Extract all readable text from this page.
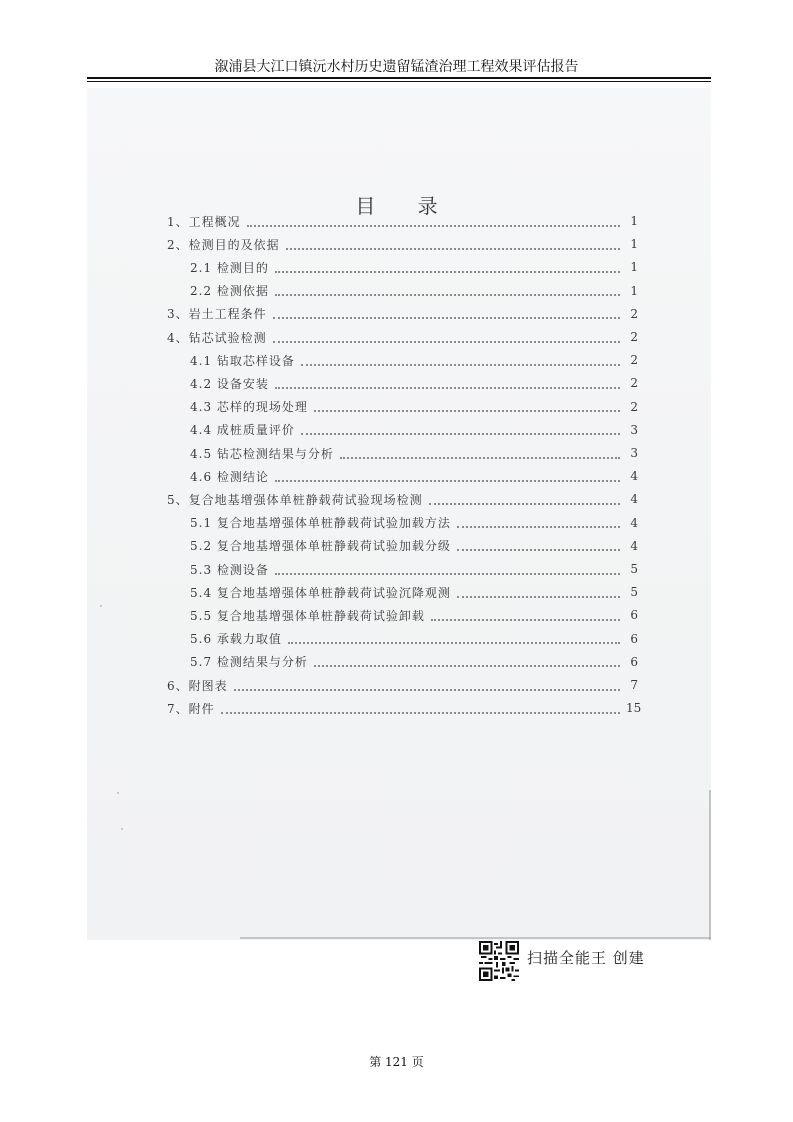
溆浦县大江口镇沅水村历史遗留锰渣治理工程效果评估报告
目 录
1、工程概况	1
2、检测目的及依据	1
2.1 检测目的	1
2.2 检测依据	1
3、岩土工程条件	2
4、钻芯试验检测	2
4.1 钻取芯样设备	2
4.2 设备安装	2
4.3 芯样的现场处理	2
4.4 成桩质量评价	3
4.5 钻芯检测结果与分析	3
4.6 检测结论	4
5、复合地基增强体单桩静载荷试验现场检测	4
5.1 复合地基增强体单桩静载荷试验加载方法	4
5.2 复合地基增强体单桩静载荷试验加载分级	4
5.3 检测设备	5
5.4 复合地基增强体单桩静载荷试验沉降观测	5
5.5 复合地基增强体单桩静载荷试验卸载	6
5.6 承载力取值	6
5.7 检测结果与分析	6
6、附图表	7
7、附件	15
扫描全能王 创建
第 121 页
